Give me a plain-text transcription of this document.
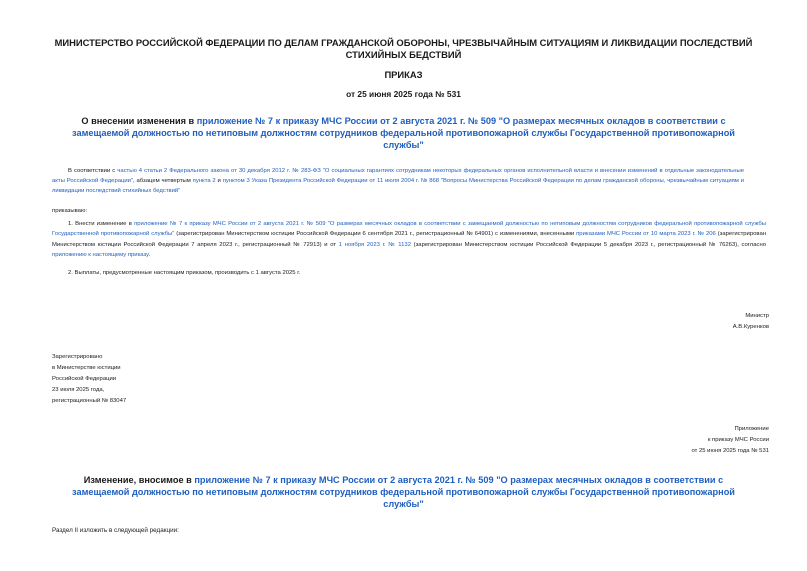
МИНИСТЕРСТВО РОССИЙСКОЙ ФЕДЕРАЦИИ ПО ДЕЛАМ ГРАЖДАНСКОЙ ОБОРОНЫ, ЧРЕЗВЫЧАЙНЫМ СИТУАЦИЯМ И ЛИКВИДАЦИИ ПОСЛЕДСТВИЙ СТИХИЙНЫХ БЕДСТВИЙ
ПРИКАЗ
от 25 июня 2025 года № 531
О внесении изменения в приложение № 7 к приказу МЧС России от 2 августа 2021 г. № 509 "О размерах месячных окладов в соответствии с замещаемой должностью по нетиповым должностям сотрудников федеральной противопожарной службы Государственной противопожарной службы"
В соответствии с частью 4 статьи 2 Федерального закона от 30 декабря 2012 г. № 283-ФЗ "О социальных гарантиях сотрудникам некоторых федеральных органов исполнительной власти и внесении изменений в отдельные законодательные акты Российской Федерации", абзацем четвертым пункта 2 и пунктом 3 Указа Президента Российской Федерации от 11 июля 2004 г. № 868 "Вопросы Министерства Российской Федерации по делам гражданской обороны, чрезвычайным ситуациям и ликвидации последствий стихийных бедствий"
приказываю:
1. Внести изменение в приложение № 7 к приказу МЧС России от 2 августа 2021 г. № 509 "О размерах месячных окладов в соответствии с замещаемой должностью по нетиповым должностям сотрудников федеральной противопожарной службы Государственной противопожарной службы" (зарегистрирован Министерством юстиции Российской Федерации 6 сентября 2021 г., регистрационный № 64901) с изменениями, внесенными приказами МЧС России от 10 марта 2023 г. № 206 (зарегистрирован Министерством юстиции Российской Федерации 7 апреля 2023 г., регистрационный № 72913) и от 1 ноября 2023 г. № 1132 (зарегистрирован Министерством юстиции Российской Федерации 5 декабря 2023 г., регистрационный № 76263), согласно приложению к настоящему приказу.
2. Выплаты, предусмотренные настоящим приказом, производить с 1 августа 2025 г.
Министр
А.В.Куренков
Зарегистрировано
в Министерстве юстиции
Российской Федерации
23 июля 2025 года,
регистрационный № 83047
Приложение
к приказу МЧС России
от 25 июня 2025 года № 531
Изменение, вносимое в приложение № 7 к приказу МЧС России от 2 августа 2021 г. № 509 "О размерах месячных окладов в соответствии с замещаемой должностью по нетиповым должностям сотрудников федеральной противопожарной службы Государственной противопожарной службы"
Раздел II изложить в следующей редакции:
